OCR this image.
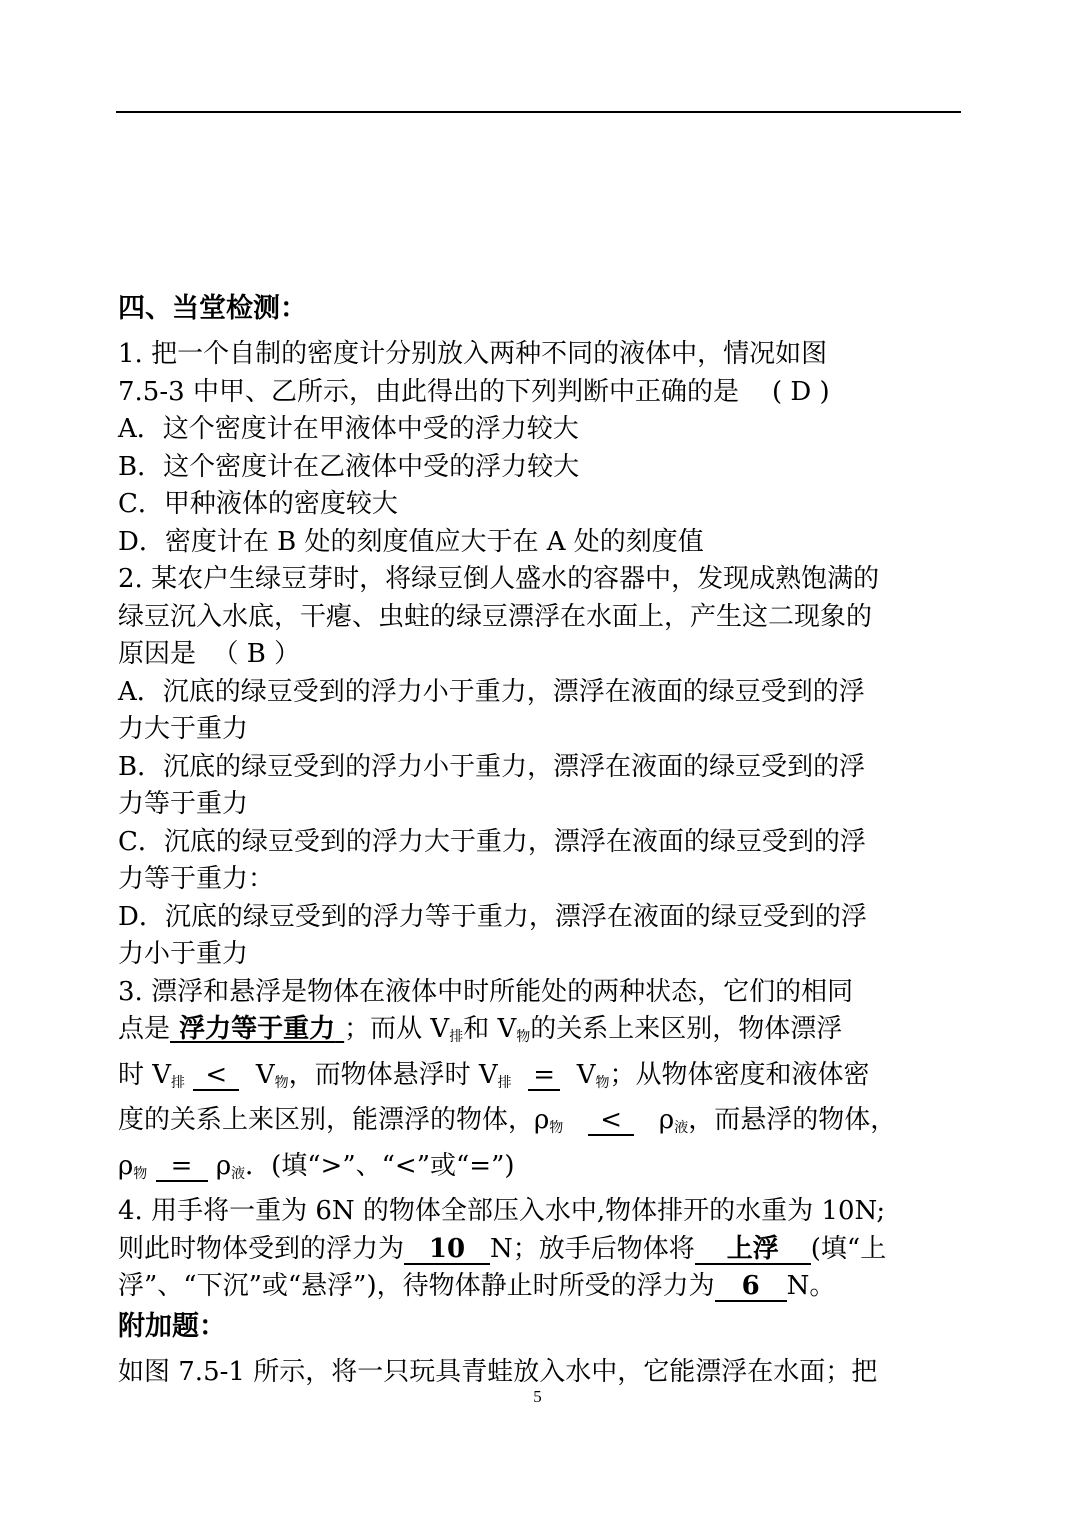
四、当堂检测：

1. 把一个自制的密度计分别放入两种不同的液体中，情况如图

7.5-3 中甲、乙所示，由此得出的下列判断中正确的是 ( D )

A．这个密度计在甲液体中受的浮力较大

B．这个密度计在乙液体中受的浮力较大

C．甲种液体的密度较大

D．密度计在 B 处的刻度值应大于在 A 处的刻度值

2. 某农户生绿豆芽时，将绿豆倒人盛水的容器中，发现成熟饱满的

绿豆沉入水底，干瘪、虫蛀的绿豆漂浮在水面上，产生这二现象的

原因是 （ B ）

A．沉底的绿豆受到的浮力小于重力，漂浮在液面的绿豆受到的浮

力大于重力

B．沉底的绿豆受到的浮力小于重力，漂浮在液面的绿豆受到的浮

力等于重力

C．沉底的绿豆受到的浮力大于重力，漂浮在液面的绿豆受到的浮

力等于重力：

D．沉底的绿豆受到的浮力等于重力，漂浮在液面的绿豆受到的浮

力小于重力

3. 漂浮和悬浮是物体在液体中时所能处的两种状态，它们的相同

点是 浮力等于重力 ；而从 $V_排$和 $V_物$的关系上来区别，物体漂浮

时 $V_排 < V_物$，而物体悬浮时 $V_排 = V_物$；从物体密度和液体密

度的关系上来区别，能漂浮的物体，$\rho_物 < \rho_液$，而悬浮的物体，

$\rho_物 = \rho_液$．(填“>”、“<”或“=”)

4. 用手将一重为 6N 的物体全部压入水中,物体排开的水重为 10N;

则此时物体受到的浮力为 10 N；放手后物体将 上浮 (填“上

浮”、“下沉”或“悬浮”)，待物体静止时所受的浮力为 6 N。

附加题：

如图 7.5-1 所示，将一只玩具青蛙放入水中，它能漂浮在水面；把

5
